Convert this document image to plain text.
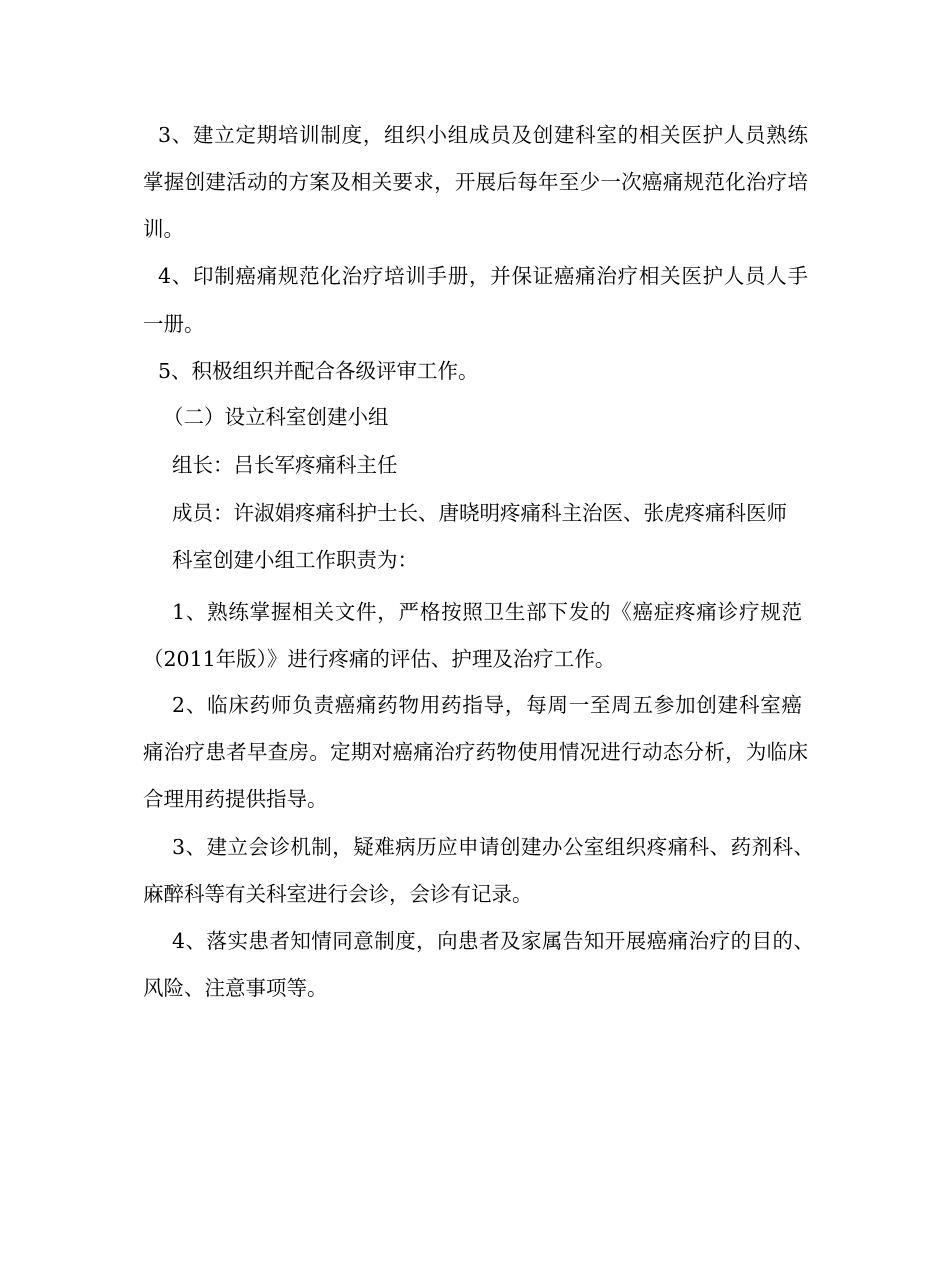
3、建立定期培训制度，组织小组成员及创建科室的相关医护人员熟练
掌握创建活动的方案及相关要求，开展后每年至少一次癌痛规范化治疗培
训。
4、印制癌痛规范化治疗培训手册，并保证癌痛治疗相关医护人员人手
一册。
5、积极组织并配合各级评审工作。
（二）设立科室创建小组
组长：吕长军疼痛科主任
成员：许淑娟疼痛科护士长、唐晓明疼痛科主治医、张虎疼痛科医师
科室创建小组工作职责为：
1、熟练掌握相关文件，严格按照卫生部下发的《癌症疼痛诊疗规范
（2011年版）》进行疼痛的评估、护理及治疗工作。
2、临床药师负责癌痛药物用药指导，每周一至周五参加创建科室癌
痛治疗患者早查房。定期对癌痛治疗药物使用情况进行动态分析，为临床
合理用药提供指导。
3、建立会诊机制，疑难病历应申请创建办公室组织疼痛科、药剂科、
麻醉科等有关科室进行会诊，会诊有记录。
4、落实患者知情同意制度，向患者及家属告知开展癌痛治疗的目的、
风险、注意事项等。
